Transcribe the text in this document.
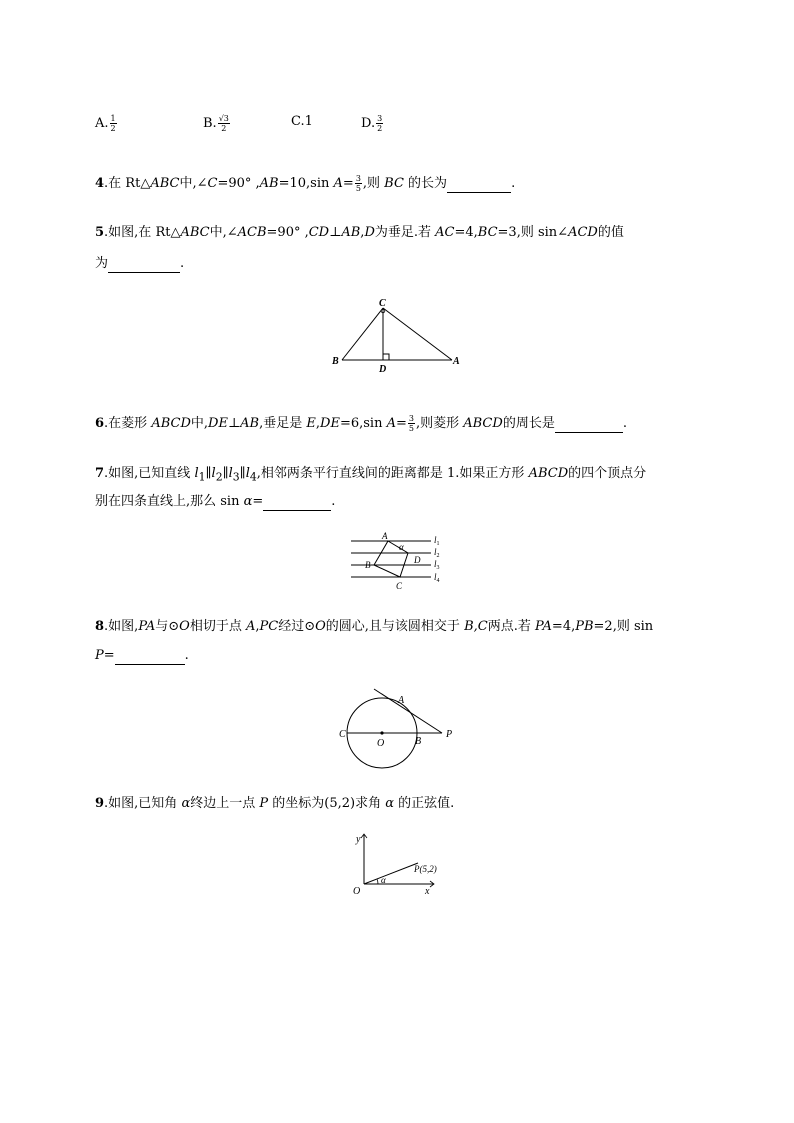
A. $\frac{1}{2}$	B. $\frac{√3}{2}$	C.1	D. $\frac{3}{2}$
4.在 Rt△ABC中,∠C=90° ,AB=10,sin $A= \frac{3}{5}$ ,则 BC 的长为	.
5.如图,在 Rt△ABC中,∠ACB=90° ,CD⊥AB,D为垂足.若 AC=4,BC=3,则 sin∠ACD的值
为	.
C
B
D
A
6.在菱形 ABCD中,DE⊥AB,垂足是 E,DE=6,sin $A= \frac{3}{5}$ ,则菱形 ABCD的周长是	.
7.如图,已知直线 $l_1\parallel l_2\parallel l_3\parallel l_4$,相邻两条平行直线间的距离都是 1.如果正方形 ABCD的四个顶点分
别在四条直线上,那么 sin α=	.
A
α
B	D
C
$l_1$
$l_2$
$l_3$
$l_4$
8.如图,PA与⊙O相切于点 A,PC经过⊙O的圆心,且与该圆相交于 B,C两点.若 PA=4,PB=2,则 sin
P=	.
A
C
O	B
P
9.如图,已知角 α终边上一点 P 的坐标为(5,2)求角 α 的正弦值.
y
O	x
P(5,2)
α
